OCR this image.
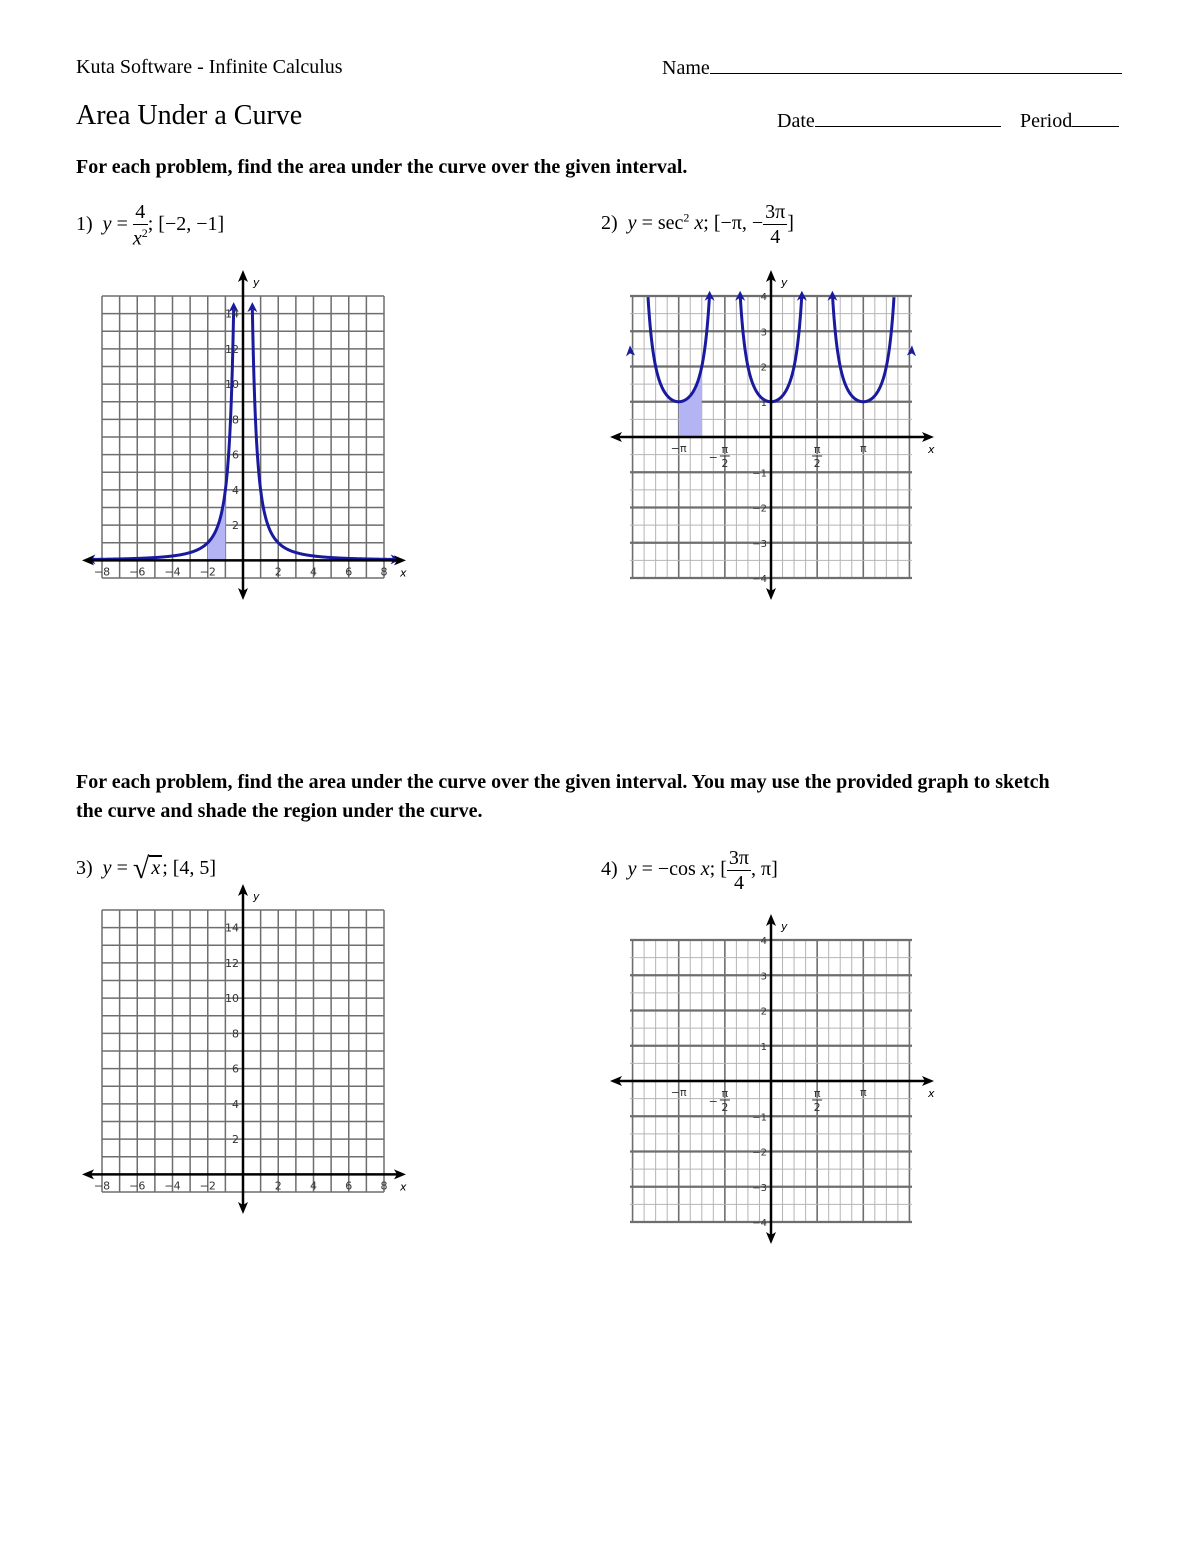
Kuta Software - Infinite Calculus	Name
Area Under a Curve	Date	Period
For each problem, find the area under the curve over the given interval.
1) $y = \frac{4}{x^2}$ ; [−2, −1]	2) $y = \sec^2 x$; [−π, − $\frac{3\pi}{4}$ ]
−8 −6 −4 −2	2	4	6	8
2
4
6
8
10
12
14
x
y
−π
−
π
2
π
2
π
−4
−3
−2
−1
1
2
3
4
x
y
For each problem, find the area under the curve over the given interval. You may use the provided graph to sketch the curve and shade the region under the curve.
3) y = √ x ; [4, 5]	4) y = −cos x; [ $\frac{3\pi}{4}$ , π]
−8 −6 −4 −2	2	4	6	8
2
4
6
8
10
12
14
x
y
−π
−
π
2
π
2
π
−4
−3
−2
−1
1
2
3
4
x
y
